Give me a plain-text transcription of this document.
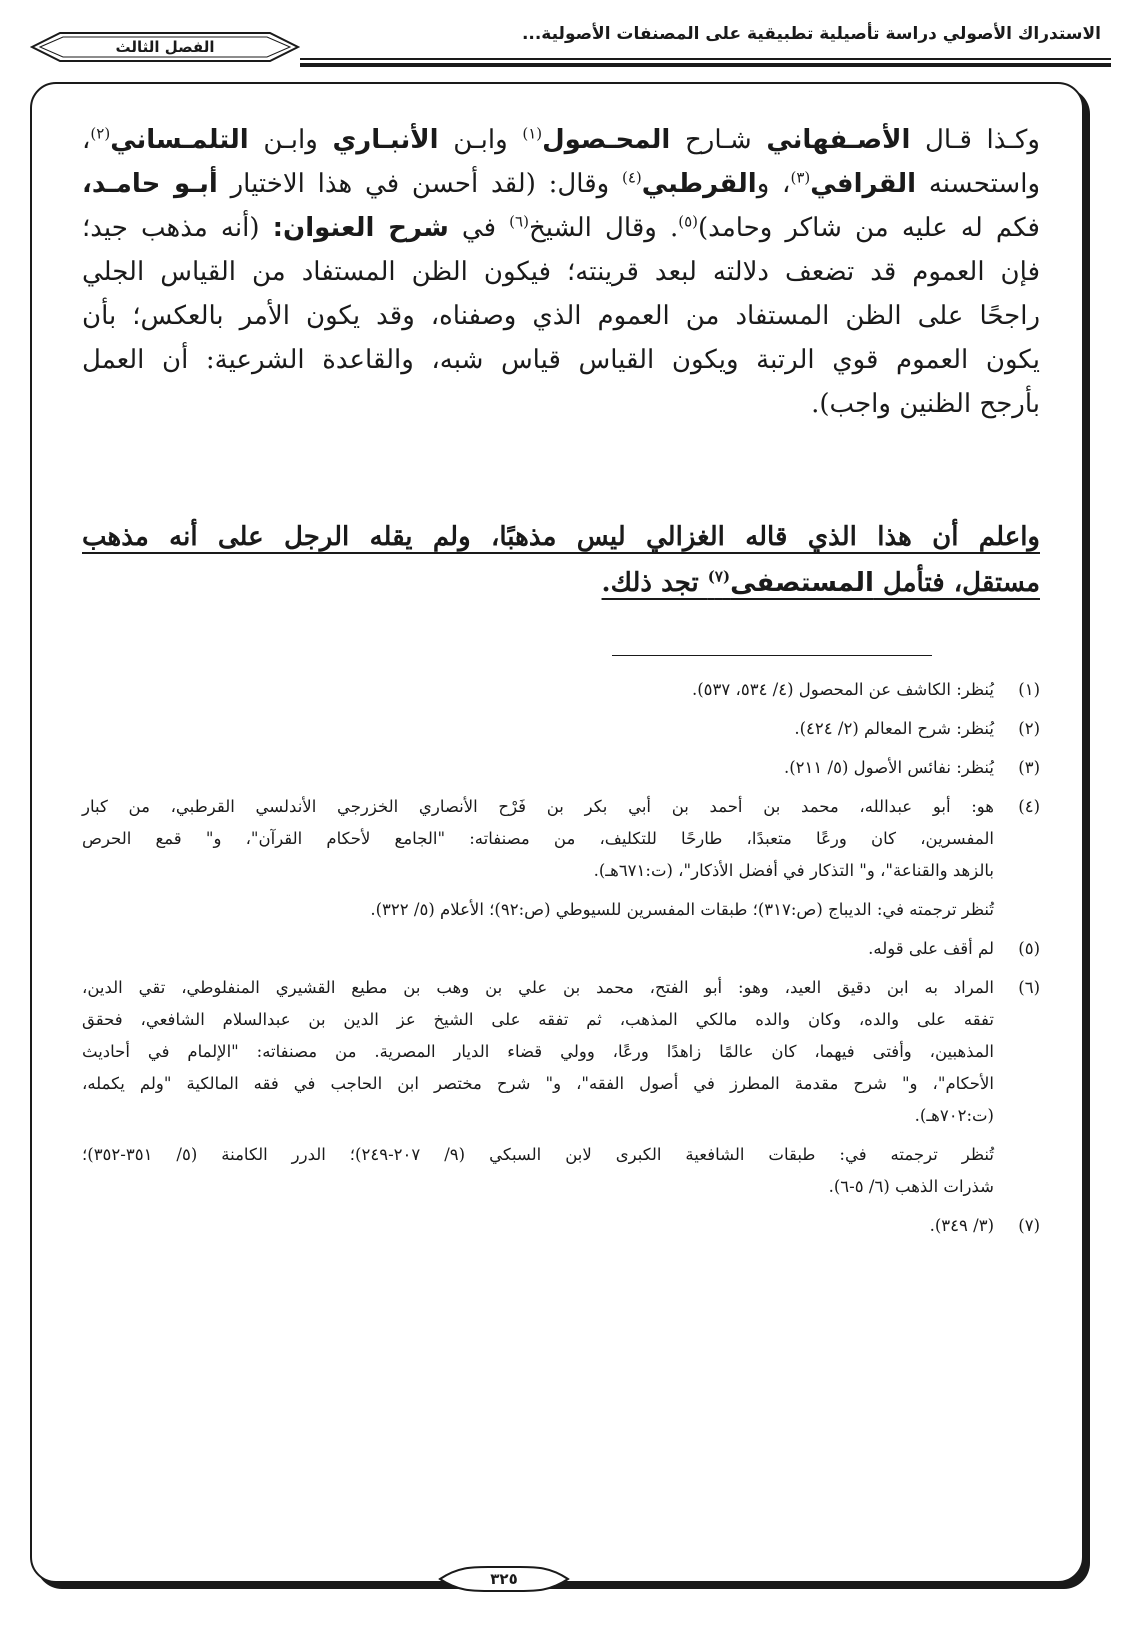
الاستدراك الأصولي دراسة تأصيلية تطبيقية على المصنفات الأصولية...
الفصل الثالث
وكـذا قـال الأصـفهاني شـارح المحـصول$^{(١)}$ وابـن الأنبـاري وابـن التلمـساني$^{(٢)}$،
واستحسنه القرافي$^{(٣)}$، والقرطبي$^{(٤)}$ وقال: (لقد أحسن في هذا الاختيار أبـو حامـد،
فكم له عليه من شاكر وحامد)$^{(٥)}$. وقال الشيخ$^{(٦)}$ في شرح العنوان: (أنه مذهب جيد؛
فإن العموم قد تضعف دلالته لبعد قرينته؛ فيكون الظن المستفاد من القياس الجلي
راجحًا على الظن المستفاد من العموم الذي وصفناه، وقد يكون الأمر بالعكس؛ بأن
يكون العموم قوي الرتبة ويكون القياس قياس شبه، والقاعدة الشرعية: أن العمل
بأرجح الظنين واجب).
واعلم أن هذا الذي قاله الغزالي ليس مذهبًا، ولم يقله الرجل على أنه مذهب
مستقل، فتأمل المستصفى$^{(٧)}$ تجد ذلك.
(١)
يُنظر: الكاشف عن المحصول (٤/ ٥٣٤، ٥٣٧).
(٢)
يُنظر: شرح المعالم (٢/ ٤٢٤).
(٣)
يُنظر: نفائس الأصول (٥/ ٢١١).
(٤)
هو: أبو عبدالله، محمد بن أحمد بن أبي بكر بن فَرْح الأنصاري الخزرجي الأندلسي القرطبي، من كبار
المفسرين، كان ورعًا متعبدًا، طارحًا للتكليف، من مصنفاته: "الجامع لأحكام القرآن"، و" قمع الحرص
بالزهد والقناعة"، و" التذكار في أفضل الأذكار"، (ت:٦٧١هـ).
تُنظر ترجمته في: الديباج (ص:٣١٧)؛ طبقات المفسرين للسيوطي (ص:٩٢)؛ الأعلام (٥/ ٣٢٢).
(٥)
لم أقف على قوله.
(٦)
المراد به ابن دقيق العيد، وهو: أبو الفتح، محمد بن علي بن وهب بن مطيع القشيري المنفلوطي، تقي الدين،
تفقه على والده، وكان والده مالكي المذهب، ثم تفقه على الشيخ عز الدين بن عبدالسلام الشافعي، فحقق
المذهبين، وأفتى فيهما، كان عالمًا زاهدًا ورعًا، وولي قضاء الديار المصرية. من مصنفاته: "الإلمام في أحاديث
الأحكام"، و" شرح مقدمة المطرز في أصول الفقه"، و" شرح مختصر ابن الحاجب في فقه المالكية "ولم يكمله،
(ت:٧٠٢هـ).
تُنظر ترجمته في: طبقات الشافعية الكبرى لابن السبكي (٩/ ٢٠٧-٢٤٩)؛ الدرر الكامنة (٥/ ٣٥١-٣٥٢)؛
شذرات الذهب (٦/ ٥-٦).
(٧)
(٣/ ٣٤٩).
٣٢٥
